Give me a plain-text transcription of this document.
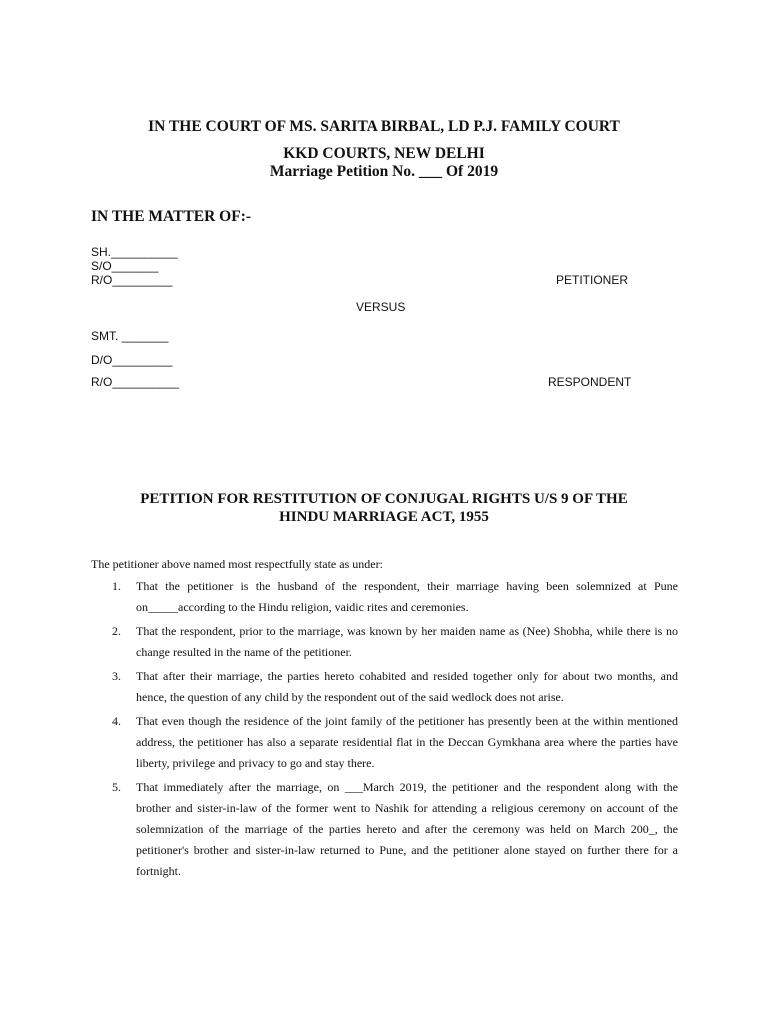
IN THE COURT OF MS. SARITA BIRBAL, LD P.J. FAMILY COURT
KKD COURTS, NEW DELHI
Marriage Petition No. ___ Of 2019
IN THE MATTER OF:-
SH.__________
S/O_______
R/O_________	PETITIONER
VERSUS
SMT. _______
D/O_________
R/O__________	RESPONDENT
PETITION FOR RESTITUTION OF CONJUGAL RIGHTS U/S 9 OF THE
HINDU MARRIAGE ACT, 1955
The petitioner above named most respectfully state as under:
1. That the petitioner is the husband of the respondent, their marriage having been solemnized at Pune on_____according to the Hindu religion, vaidic rites and ceremonies.
2. That the respondent, prior to the marriage, was known by her maiden name as (Nee) Shobha, while there is no change resulted in the name of the petitioner.
3. That after their marriage, the parties hereto cohabited and resided together only for about two months, and hence, the question of any child by the respondent out of the said wedlock does not arise.
4. That even though the residence of the joint family of the petitioner has presently been at the within mentioned address, the petitioner has also a separate residential flat in the Deccan Gymkhana area where the parties have liberty, privilege and privacy to go and stay there.
5. That immediately after the marriage, on ___March 2019, the petitioner and the respondent along with the brother and sister-in-law of the former went to Nashik for attending a religious ceremony on account of the solemnization of the marriage of the parties hereto and after the ceremony was held on March 200_, the petitioner's brother and sister-in-law returned to Pune, and the petitioner alone stayed on further there for a fortnight.
